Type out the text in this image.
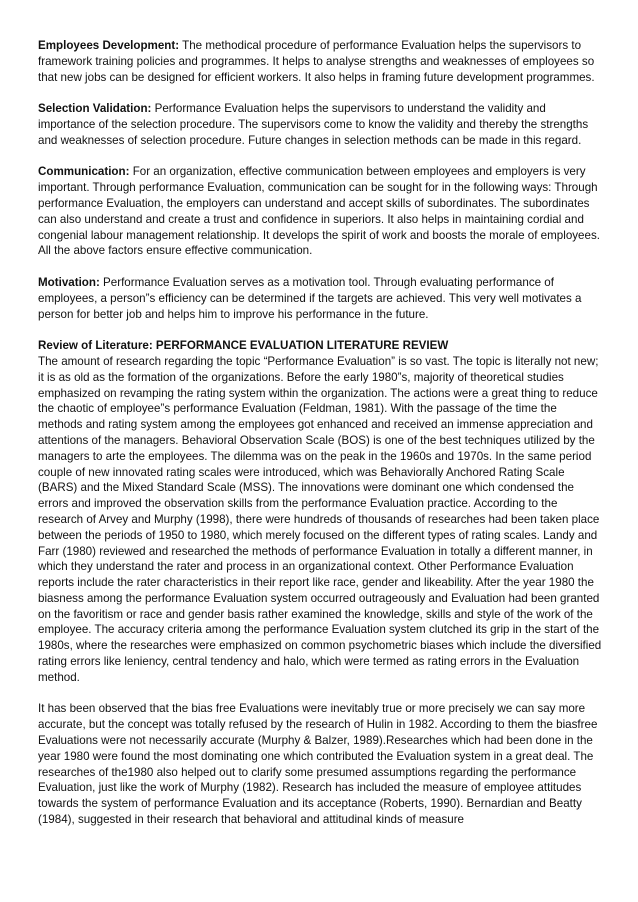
Employees Development: The methodical procedure of performance Evaluation helps the supervisors to framework training policies and programmes. It helps to analyse strengths and weaknesses of employees so that new jobs can be designed for efficient workers. It also helps in framing future development programmes.

Selection Validation: Performance Evaluation helps the supervisors to understand the validity and importance of the selection procedure. The supervisors come to know the validity and thereby the strengths and weaknesses of selection procedure. Future changes in selection methods can be made in this regard.

Communication: For an organization, effective communication between employees and employers is very important. Through performance Evaluation, communication can be sought for in the following ways: Through performance Evaluation, the employers can understand and accept skills of subordinates. The subordinates can also understand and create a trust and confidence in superiors. It also helps in maintaining cordial and congenial labour management relationship. It develops the spirit of work and boosts the morale of employees. All the above factors ensure effective communication.

Motivation: Performance Evaluation serves as a motivation tool. Through evaluating performance of employees, a person”s efficiency can be determined if the targets are achieved. This very well motivates a person for better job and helps him to improve his performance in the future.

Review of Literature: PERFORMANCE EVALUATION LITERATURE REVIEW

The amount of research regarding the topic “Performance Evaluation” is so vast. The topic is literally not new; it is as old as the formation of the organizations. Before the early 1980”s, majority of theoretical studies emphasized on revamping the rating system within the organization. The actions were a great thing to reduce the chaotic of employee”s performance Evaluation (Feldman, 1981). With the passage of the time the methods and rating system among the employees got enhanced and received an immense appreciation and attentions of the managers. Behavioral Observation Scale (BOS) is one of the best techniques utilized by the managers to arte the employees. The dilemma was on the peak in the 1960s and 1970s. In the same period couple of new innovated rating scales were introduced, which was Behaviorally Anchored Rating Scale (BARS) and the Mixed Standard Scale (MSS). The innovations were dominant one which condensed the errors and improved the observation skills from the performance Evaluation practice. According to the research of Arvey and Murphy (1998), there were hundreds of thousands of researches had been taken place between the periods of 1950 to 1980, which merely focused on the different types of rating scales. Landy and Farr (1980) reviewed and researched the methods of performance Evaluation in totally a different manner, in which they understand the rater and process in an organizational context. Other Performance Evaluation reports include the rater characteristics in their report like race, gender and likeability. After the year 1980 the biasness among the performance Evaluation system occurred outrageously and Evaluation had been granted on the favoritism or race and gender basis rather examined the knowledge, skills and style of the work of the employee. The accuracy criteria among the performance Evaluation system clutched its grip in the start of the 1980s, where the researches were emphasized on common psychometric biases which include the diversified rating errors like leniency, central tendency and halo, which were termed as rating errors in the Evaluation method.

It has been observed that the bias free Evaluations were inevitably true or more precisely we can say more accurate, but the concept was totally refused by the research of Hulin in 1982. According to them the biasfree Evaluations were not necessarily accurate (Murphy & Balzer, 1989).Researches which had been done in the year 1980 were found the most dominating one which contributed the Evaluation system in a great deal. The researches of the1980 also helped out to clarify some presumed assumptions regarding the performance Evaluation, just like the work of Murphy (1982). Research has included the measure of employee attitudes towards the system of performance Evaluation and its acceptance (Roberts, 1990). Bernardian and Beatty (1984), suggested in their research that behavioral and attitudinal kinds of measure
